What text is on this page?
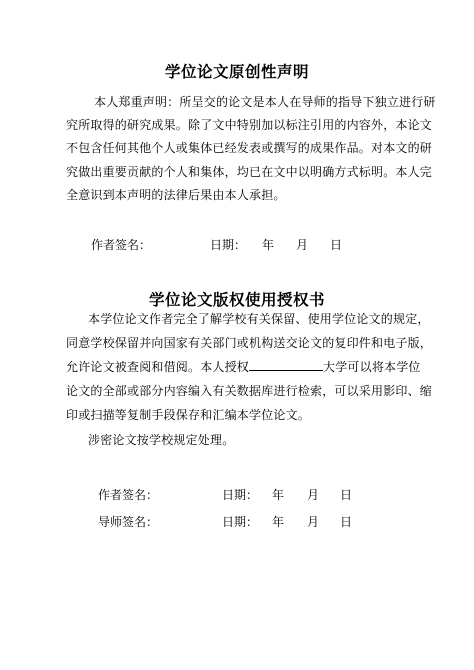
学位论文原创性声明
本人郑重声明：所呈交的论文是本人在导师的指导下独立进行研
究所取得的研究成果。除了文中特别加以标注引用的内容外，本论文
不包含任何其他个人或集体已经发表或撰写的成果作品。对本文的研
究做出重要贡献的个人和集体，均已在文中以明确方式标明。本人完
全意识到本声明的法律后果由本人承担。
作者签名：	日期： 年 月 日
学位论文版权使用授权书
本学位论文作者完全了解学校有关保留、使用学位论文的规定，
同意学校保留并向国家有关部门或机构送交论文的复印件和电子版，
允许论文被查阅和借阅。本人授权	大学可以将本学位
论文的全部或部分内容编入有关数据库进行检索，可以采用影印、缩
印或扫描等复制手段保存和汇编本学位论文。
涉密论文按学校规定处理。
作者签名：	日期： 年 月 日
导师签名：	日期： 年 月 日
